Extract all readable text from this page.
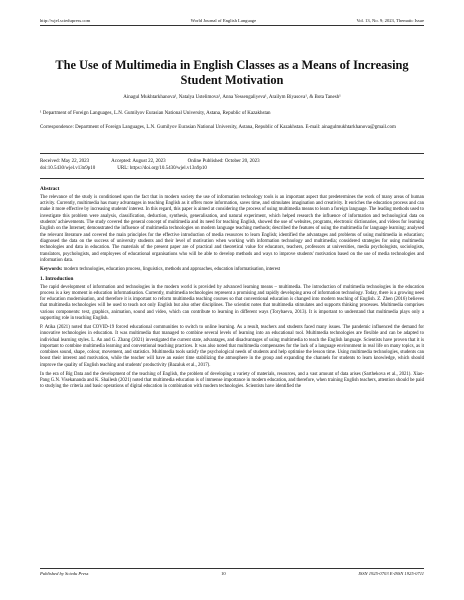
http://wjel.sciedupress.com	World Journal of English Language	Vol. 13, No. 9; 2023, Thematic Issue
The Use of Multimedia in English Classes as a Means of Increasing Student Motivation
Ainagul Mukhtarkhanova¹, Natalya Ustelimova¹, Anna Yessengaliyeva¹, Arailym Biyasova¹, & Bota Tanesh¹
¹ Department of Foreign Languages, L.N. Gumilyov Eurasian National University, Astana, Republic of Kazakhstan
Correspondence: Department of Foreign Languages, L.N. Gumilyov Eurasian National University, Astana, Republic of Kazakhstan. E-mail: ainagulmukhtarkhanova@gmail.com
Received: May 22, 2023	Accepted: August 22, 2023	Online Published: October 20, 2023
doi:10.5430/wjel.v13n9p10	URL: https://doi.org/10.5430/wjel.v13n9p10

Abstract

The relevance of the study is conditioned upon the fact that in modern society the use of information technology tools is an important aspect that predetermines the work of many areas of human activity. Currently, multimedia has many advantages in teaching English as it offers more information, saves time, and stimulates imagination and creativity. It enriches the education process and can make it more effective by increasing students' interest. In this regard, this paper is aimed at considering the process of using multimedia means to learn a foreign language. The leading methods used to investigate this problem were analysis, classification, deduction, synthesis, generalisation, and natural experiment, which helped research the influence of information and technological data on students' achievements. The study covered the general concept of multimedia and its need for teaching English, showed the use of websites, programs, electronic dictionaries, and videos for learning English on the Internet; demonstrated the influence of multimedia technologies on modern language teaching methods; described the features of using the multimedia for language learning; analysed the relevant literature and covered the main principles for the effective introduction of media resources to learn English; identified the advantages and problems of using multimedia in education; diagnosed the data on the success of university students and their level of motivation when working with information technology and multimedia; considered strategies for using multimedia technologies and data in education. The materials of the present paper are of practical and theoretical value for educators, teachers, professors at universities, media psychologists, sociologists, translators, psychologists, and employees of educational organisations who will be able to develop methods and ways to improve students' motivation based on the use of media technologies and information data.

Keywords: modern technologies, education process, linguistics, methods and approaches, education informatisation, interest

1. Introduction

The rapid development of information and technologies in the modern world is provided by advanced learning means – multimedia. The introduction of multimedia technologies in the education process is a key moment in education informatisation. Currently, multimedia technologies represent a promising and rapidly developing area of information technology. Today, there is a growing need for education modernisation, and therefore it is important to reform multimedia teaching courses so that conventional education is changed into modern teaching of English. Z. Zhen (2016) believes that multimedia technologies will be used to teach not only English but also other disciplines. The scientist notes that multimedia stimulates and supports thinking processes. Multimedia comprises various components: text, graphics, animation, sound and video, which can contribute to learning in different ways (Torybaeva, 2013). It is important to understand that multimedia plays only a supporting role in teaching English.

P. Atika (2021) noted that COVID-19 forced educational communities to switch to online learning. As a result, teachers and students faced many issues. The pandemic influenced the demand for innovative technologies in education. It was multimedia that managed to combine several levels of learning into an educational tool. Multimedia technologies are flexible and can be adapted to individual learning styles. L. An and G. Zhang (2021) investigated the current state, advantages, and disadvantages of using multimedia to teach the English language. Scientists have proven that it is important to combine multimedia learning and conventional teaching practices. It was also noted that multimedia compensates for the lack of a language environment in real life on many topics, as it combines sound, shape, colour, movement, and statistics. Multimedia tools satisfy the psychological needs of students and help optimise the lesson time. Using multimedia technologies, students can boost their interest and motivation, while the teacher will have an easier time stabilizing the atmosphere in the group and expanding the channels for students to learn knowledge, which should improve the quality of English teaching and students' productivity (Bazaluk et al., 2017).

In the era of Big Data and the development of the teaching of English, the problem of developing a variety of materials, resources, and a vast amount of data arises (Sarthekova et al., 2021). Xiao-Pang G.N. Visekananda and K. Shailesh (2021) noted that multimedia education is of immense importance in modern education, and therefore, when training English teachers, attention should be paid to studying the criteria and basic operations of digital education in combination with modern technologies. Scientists have identified the

Published by Sciedu Press	10	ISSN 1925-0703 E-ISSN 1925-0711
